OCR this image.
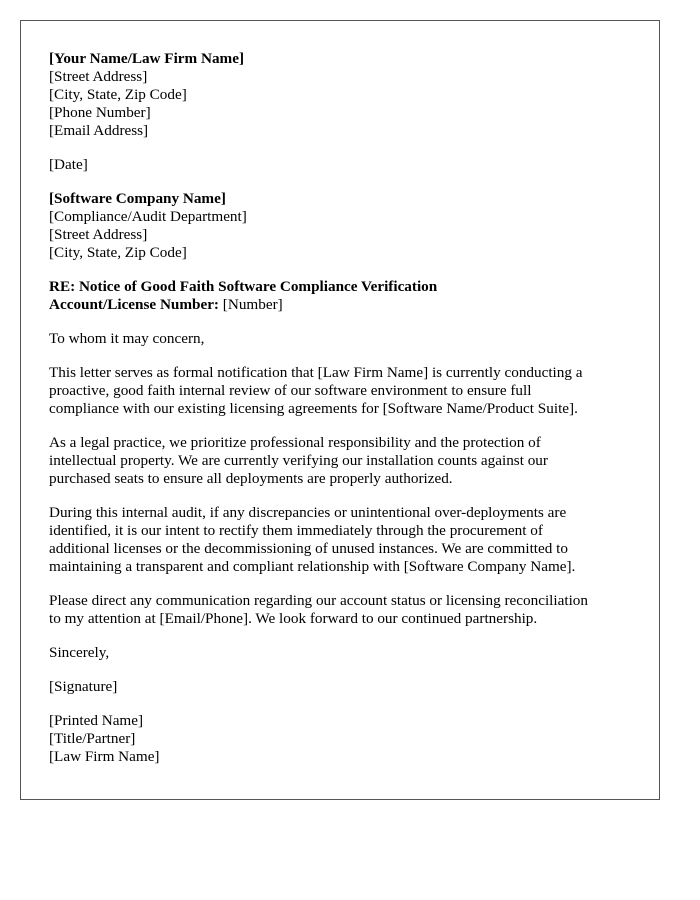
[Your Name/Law Firm Name]
[Street Address]
[City, State, Zip Code]
[Phone Number]
[Email Address]
[Date]
[Software Company Name]
[Compliance/Audit Department]
[Street Address]
[City, State, Zip Code]
RE: Notice of Good Faith Software Compliance Verification
Account/License Number: [Number]

To whom it may concern,

This letter serves as formal notification that [Law Firm Name] is currently conducting a
proactive, good faith internal review of our software environment to ensure full
compliance with our existing licensing agreements for [Software Name/Product Suite].

As a legal practice, we prioritize professional responsibility and the protection of
intellectual property. We are currently verifying our installation counts against our
purchased seats to ensure all deployments are properly authorized.

During this internal audit, if any discrepancies or unintentional over-deployments are
identified, it is our intent to rectify them immediately through the procurement of
additional licenses or the decommissioning of unused instances. We are committed to
maintaining a transparent and compliant relationship with [Software Company Name].

Please direct any communication regarding our account status or licensing reconciliation
to my attention at [Email/Phone]. We look forward to our continued partnership.

Sincerely,

[Signature]

[Printed Name]
[Title/Partner]
[Law Firm Name]
